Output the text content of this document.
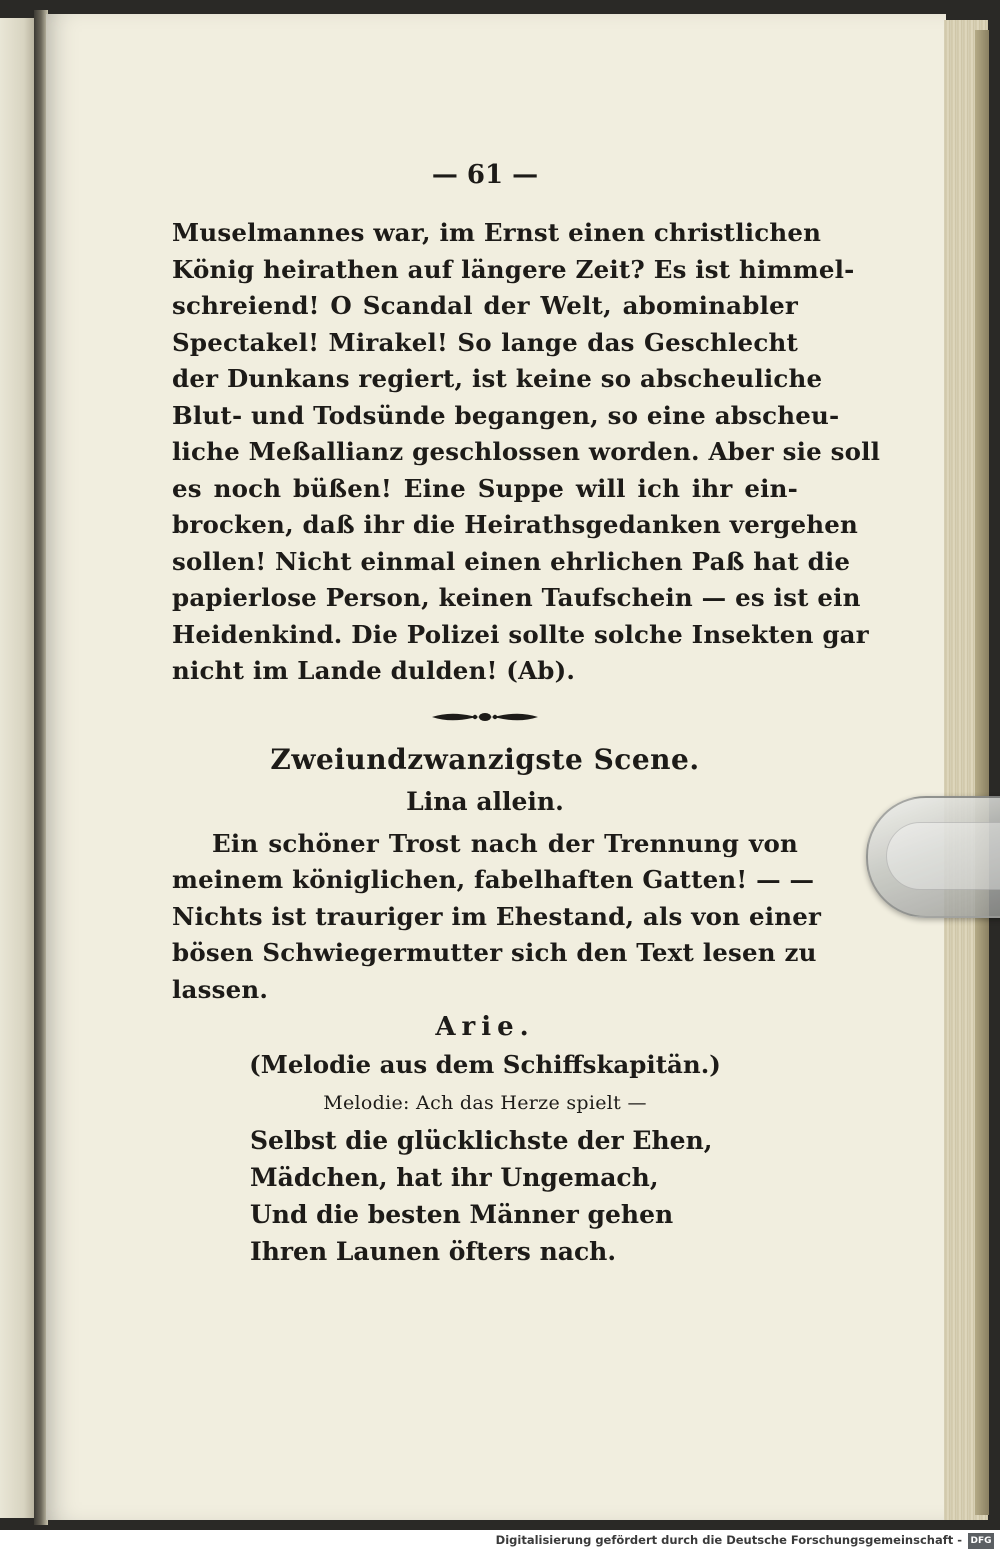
— 61 —
Muselmannes war, im Ernst einen christlichen
König heirathen auf längere Zeit? Es ist himmel-
schreiend! O Scandal der Welt, abominabler
Spectakel! Mirakel! So lange das Geschlecht
der Dunkans regiert, ist keine so abscheuliche
Blut- und Todsünde begangen, so eine abscheu-
liche Meßallianz geschlossen worden. Aber sie soll
es noch büßen! Eine Suppe will ich ihr ein-
brocken, daß ihr die Heirathsgedanken vergehen
sollen! Nicht einmal einen ehrlichen Paß hat die
papierlose Person, keinen Taufschein — es ist ein
Heidenkind. Die Polizei sollte solche Insekten gar
nicht im Lande dulden! (Ab).
Zweiundzwanzigste Scene.
Lina allein.
Ein schöner Trost nach der Trennung von
meinem königlichen, fabelhaften Gatten! — —
Nichts ist trauriger im Ehestand, als von einer
bösen Schwiegermutter sich den Text lesen zu
lassen.
Arie.
(Melodie aus dem Schiffskapitän.)
Melodie: Ach das Herze spielt —
Selbst die glücklichste der Ehen,
Mädchen, hat ihr Ungemach,
Und die besten Männer gehen
Ihren Launen öfters nach.
Digitalisierung gefördert durch die Deutsche Forschungsgemeinschaft - DFG
